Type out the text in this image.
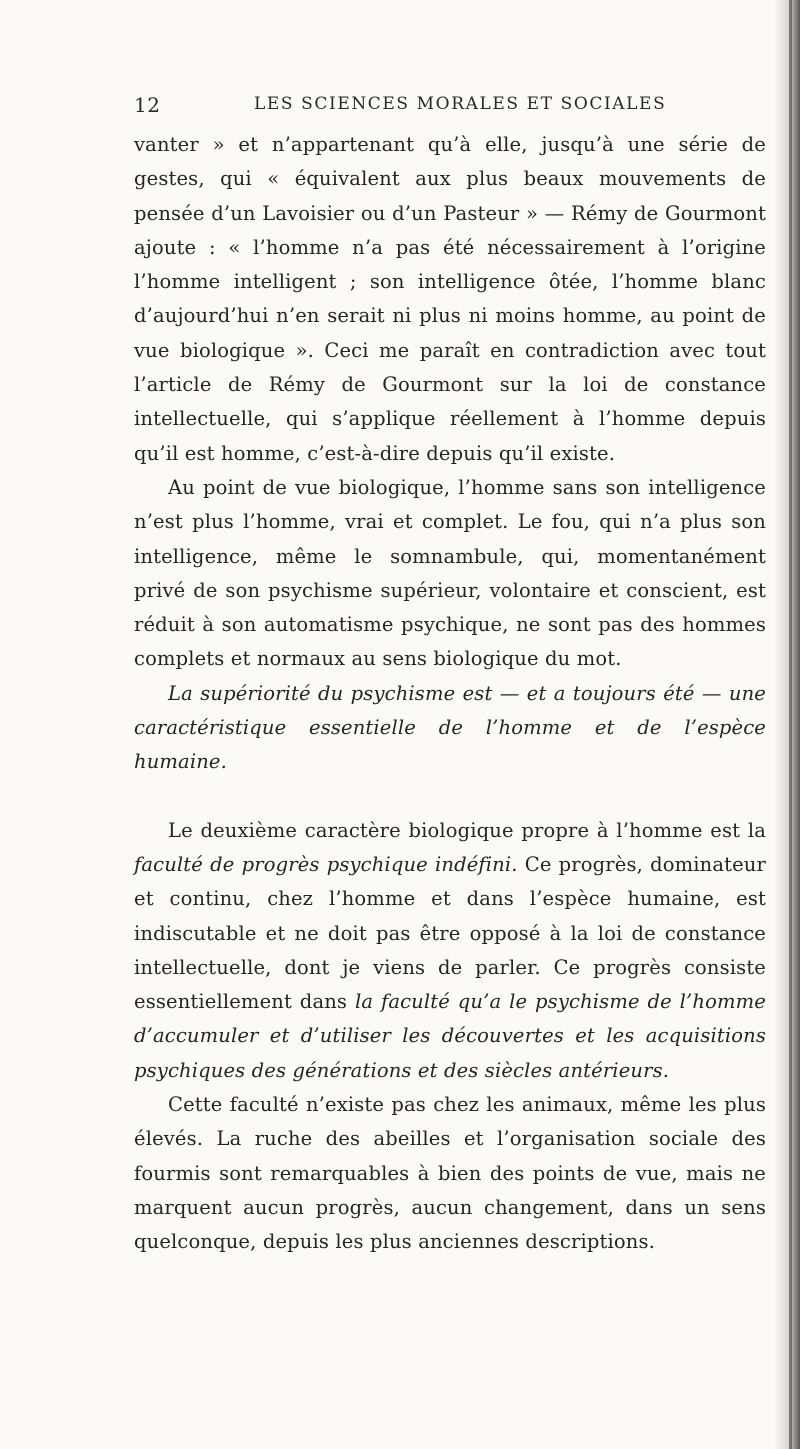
12	LES SCIENCES MORALES ET SOCIALES

vanter » et n’appartenant qu’à elle, jusqu’à une série de gestes, qui « équivalent aux plus beaux mouvements de pensée d’un Lavoisier ou d’un Pasteur » — Rémy de Gourmont ajoute : « l’homme n’a pas été nécessairement à l’origine l’homme intelligent ; son intelligence ôtée, l’homme blanc d’aujourd’hui n’en serait ni plus ni moins homme, au point de vue biologique ». Ceci me paraît en contradiction avec tout l’article de Rémy de Gourmont sur la loi de constance intellectuelle, qui s’applique réellement à l’homme depuis qu’il est homme, c’est-à-dire depuis qu’il existe.

Au point de vue biologique, l’homme sans son intelligence n’est plus l’homme, vrai et complet. Le fou, qui n’a plus son intelligence, même le somnambule, qui, momentanément privé de son psychisme supérieur, volontaire et conscient, est réduit à son automatisme psychique, ne sont pas des hommes complets et normaux au sens biologique du mot.

La supériorité du psychisme est — et a toujours été — une caractéristique essentielle de l’homme et de l’espèce humaine.

Le deuxième caractère biologique propre à l’homme est la faculté de progrès psychique indéfini. Ce progrès, dominateur et continu, chez l’homme et dans l’espèce humaine, est indiscutable et ne doit pas être opposé à la loi de constance intellectuelle, dont je viens de parler. Ce progrès consiste essentiellement dans la faculté qu’a le psychisme de l’homme d’accumuler et d’utiliser les découvertes et les acquisitions psychiques des générations et des siècles antérieurs.

Cette faculté n’existe pas chez les animaux, même les plus élevés. La ruche des abeilles et l’organisation sociale des fourmis sont remarquables à bien des points de vue, mais ne marquent aucun progrès, aucun changement, dans un sens quelconque, depuis les plus anciennes descriptions.
